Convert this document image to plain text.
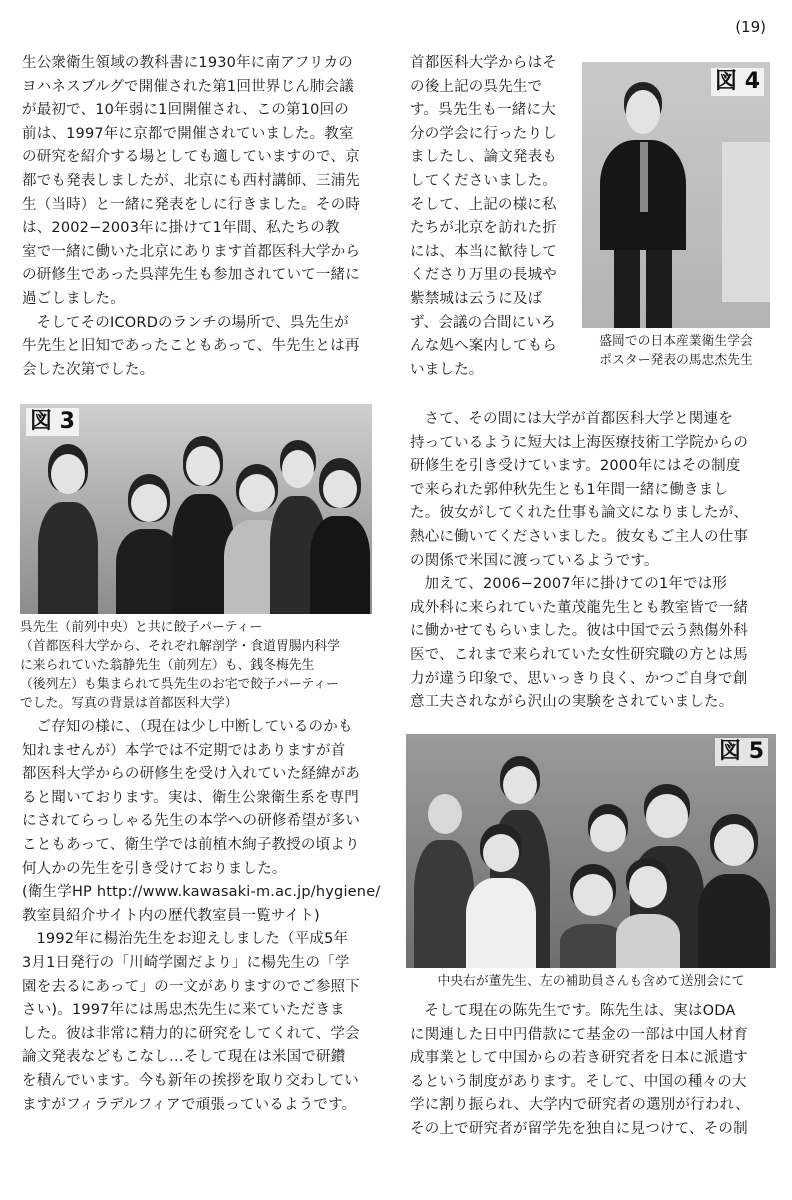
(19)

生公衆衛生領域の教科書に1930年に南アフリカの
ヨハネスブルグで開催された第1回世界じん肺会議
が最初で、10年弱に1回開催され、この第10回の
前は、1997年に京都で開催されていました。教室
の研究を紹介する場としても適していますので、京
都でも発表しましたが、北京にも西村講師、三浦先
生（当時）と一緒に発表をしに行きました。その時
は、2002−2003年に掛けて1年間、私たちの教
室で一緒に働いた北京にあります首都医科大学から
の研修生であった呉萍先生も参加されていて一緒に
過ごしました。

そしてそのICORDのランチの場所で、呉先生が
牛先生と旧知であったこともあって、牛先生とは再
会した次第でした。

図 3
呉先生（前列中央）と共に餃子パーティー
（首都医科大学から、それぞれ解剖学・食道胃腸内科学
に来られていた翁静先生（前列左）も、銭冬梅先生
（後列左）も集まられて呉先生のお宅で餃子パーティー
でした。写真の背景は首都医科大学）

ご存知の様に、（現在は少し中断しているのかも
知れませんが）本学では不定期ではありますが首
都医科大学からの研修生を受け入れていた経緯があ
ると聞いております。実は、衛生公衆衛生系を専門
にされてらっしゃる先生の本学への研修希望が多い
こともあって、衛生学では前植木絢子教授の頃より
何人かの先生を引き受けておりました。

(衛生学HP http://www.kawasaki-m.ac.jp/hygiene/
教室員紹介サイト内の歴代教室員一覧サイト)

1992年に楊治先生をお迎えしました（平成5年
3月1日発行の「川崎学園だより」に楊先生の「学
園を去るにあって」の一文がありますのでご参照下
さい)。1997年には馬忠杰先生に来ていただきま
した。彼は非常に精力的に研究をしてくれて、学会
論文発表などもこなし…そして現在は米国で研鑚
を積んでいます。今も新年の挨拶を取り交わしてい
ますがフィラデルフィアで頑張っているようです。

首都医科大学からはそ
の後上記の呉先生で
す。呉先生も一緒に大
分の学会に行ったりし
ましたし、論文発表も
してくださいました。
そして、上記の様に私
たちが北京を訪れた折
には、本当に歓待して
くださり万里の長城や
紫禁城は云うに及ば
ず、会議の合間にいろ
んな処へ案内してもら
いました。

図 4
盛岡での日本産業衛生学会
ポスター発表の馬忠杰先生

さて、その間には大学が首都医科大学と関連を
持っているように短大は上海医療技術工学院からの
研修生を引き受けています。2000年にはその制度
で来られた郭仲秋先生とも1年間一緒に働きまし
た。彼女がしてくれた仕事も論文になりましたが、
熱心に働いてくださいました。彼女もご主人の仕事
の関係で米国に渡っているようです。

加えて、2006−2007年に掛けての1年では形
成外科に来られていた董茂龍先生とも教室皆で一緒
に働かせてもらいました。彼は中国で云う熱傷外科
医で、これまで来られていた女性研究職の方とは馬
力が違う印象で、思いっきり良く、かつご自身で創
意工夫されながら沢山の実験をされていました。

図 5
中央右が董先生、左の補助員さんも含めて送別会にて

そして現在の陈先生です。陈先生は、実はODA
に関連した日中円借款にて基金の一部は中国人材育
成事業として中国からの若き研究者を日本に派遣す
るという制度があります。そして、中国の種々の大
学に割り振られ、大学内で研究者の選別が行われ、
その上で研究者が留学先を独自に見つけて、その制
